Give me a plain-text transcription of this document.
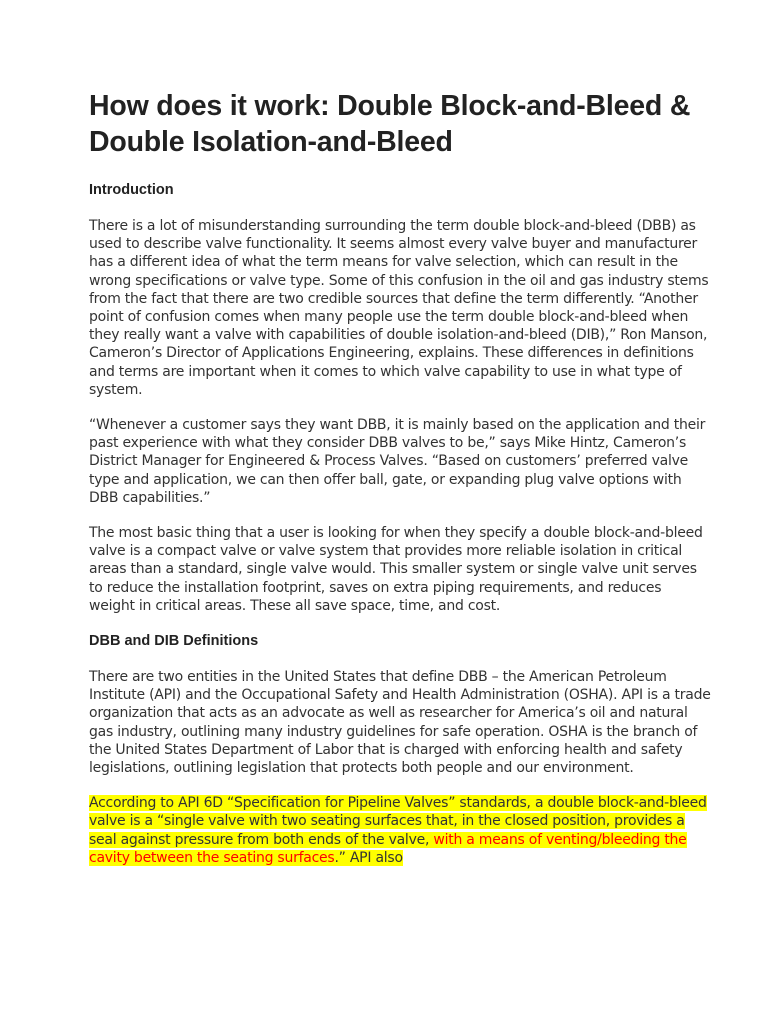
How does it work: Double Block-and-Bleed & Double Isolation-and-Bleed
Introduction

There is a lot of misunderstanding surrounding the term double block-and-bleed (DBB) as used to describe valve functionality. It seems almost every valve buyer and manufacturer has a different idea of what the term means for valve selection, which can result in the wrong specifications or valve type. Some of this confusion in the oil and gas industry stems from the fact that there are two credible sources that define the term differently. “Another point of confusion comes when many people use the term double block-and-bleed when they really want a valve with capabilities of double isolation-and-bleed (DIB),” Ron Manson, Cameron’s Director of Applications Engineering, explains. These differences in definitions and terms are important when it comes to which valve capability to use in what type of system.

“Whenever a customer says they want DBB, it is mainly based on the application and their past experience with what they consider DBB valves to be,” says Mike Hintz, Cameron’s District Manager for Engineered & Process Valves. “Based on customers’ preferred valve type and application, we can then offer ball, gate, or expanding plug valve options with DBB capabilities.”

The most basic thing that a user is looking for when they specify a double block-and-bleed valve is a compact valve or valve system that provides more reliable isolation in critical areas than a standard, single valve would. This smaller system or single valve unit serves to reduce the installation footprint, saves on extra piping requirements, and reduces weight in critical areas. These all save space, time, and cost.

DBB and DIB Definitions

There are two entities in the United States that define DBB – the American Petroleum Institute (API) and the Occupational Safety and Health Administration (OSHA). API is a trade organization that acts as an advocate as well as researcher for America’s oil and natural gas industry, outlining many industry guidelines for safe operation. OSHA is the branch of the United States Department of Labor that is charged with enforcing health and safety legislations, outlining legislation that protects both people and our environment.

According to API 6D “Specification for Pipeline Valves” standards, a double block-and-bleed valve is a “single valve with two seating surfaces that, in the closed position, provides a seal against pressure from both ends of the valve, with a means of venting/bleeding the cavity between the seating surfaces.” API also
